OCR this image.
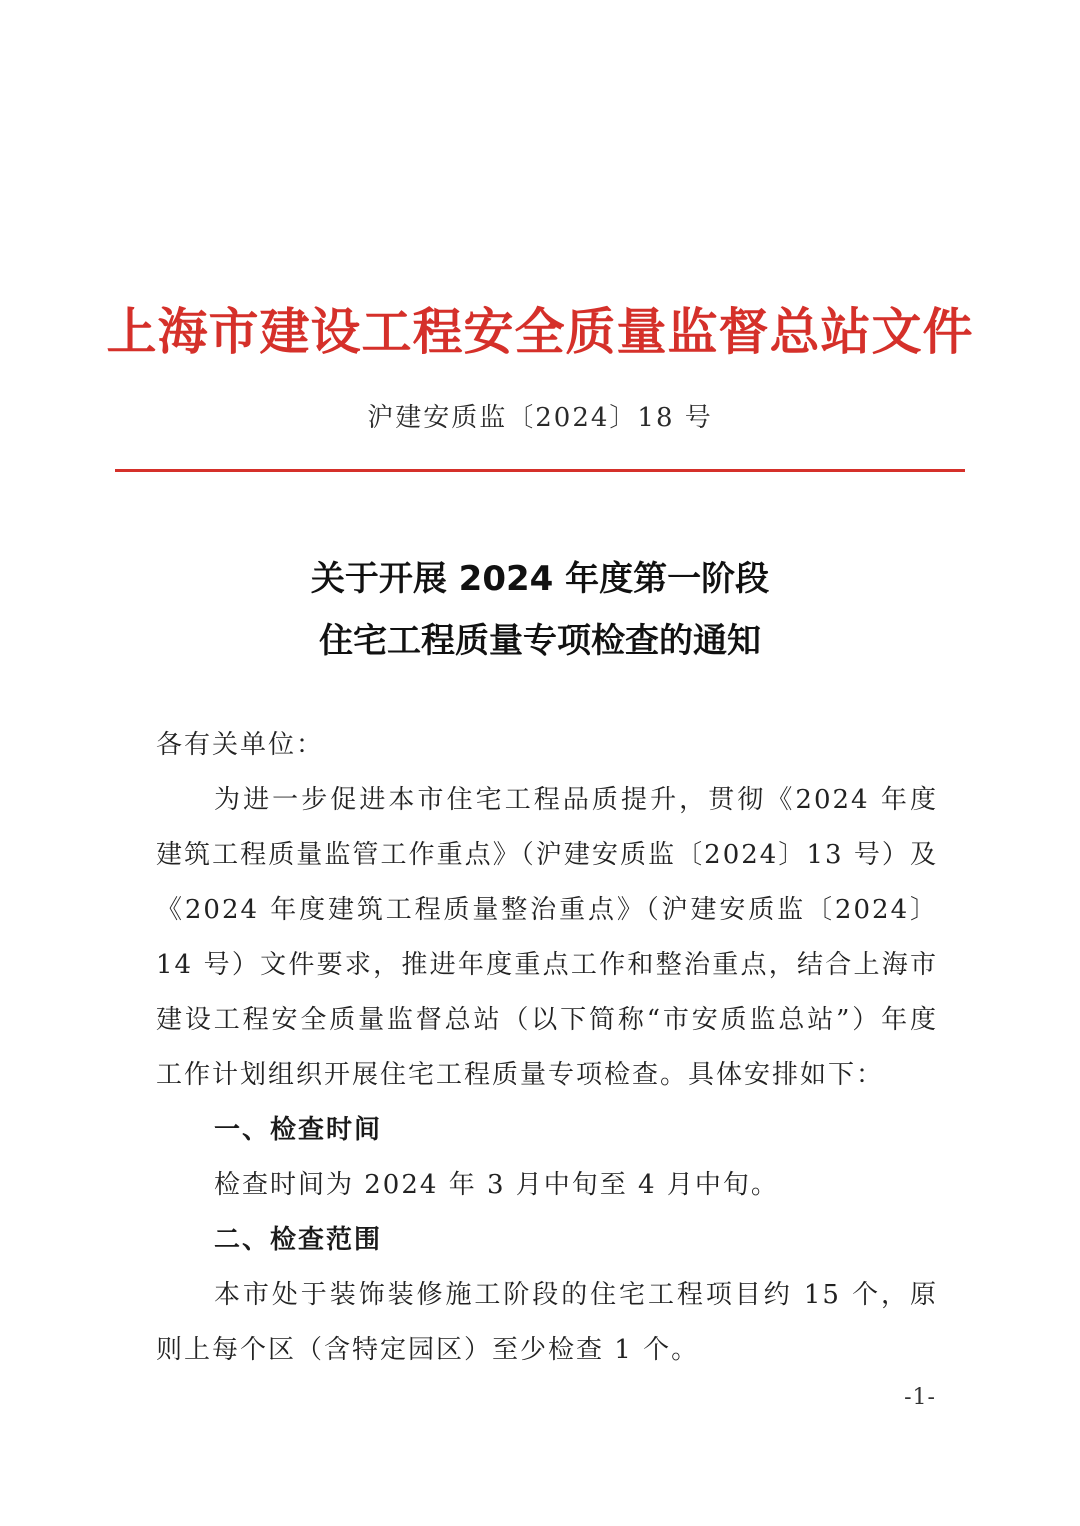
上海市建设工程安全质量监督总站文件
沪建安质监〔2024〕18 号
关于开展 2024 年度第一阶段
住宅工程质量专项检查的通知

各有关单位：

为进一步促进本市住宅工程品质提升，贯彻《2024 年度建筑工程质量监管工作重点》（沪建安质监〔2024〕13 号）及《2024 年度建筑工程质量整治重点》（沪建安质监〔2024〕14 号）文件要求，推进年度重点工作和整治重点，结合上海市建设工程安全质量监督总站（以下简称“市安质监总站”）年度工作计划组织开展住宅工程质量专项检查。具体安排如下：

一、检查时间

检查时间为 2024 年 3 月中旬至 4 月中旬。

二、检查范围

本市处于装饰装修施工阶段的住宅工程项目约 15 个，原则上每个区（含特定园区）至少检查 1 个。

-1-
